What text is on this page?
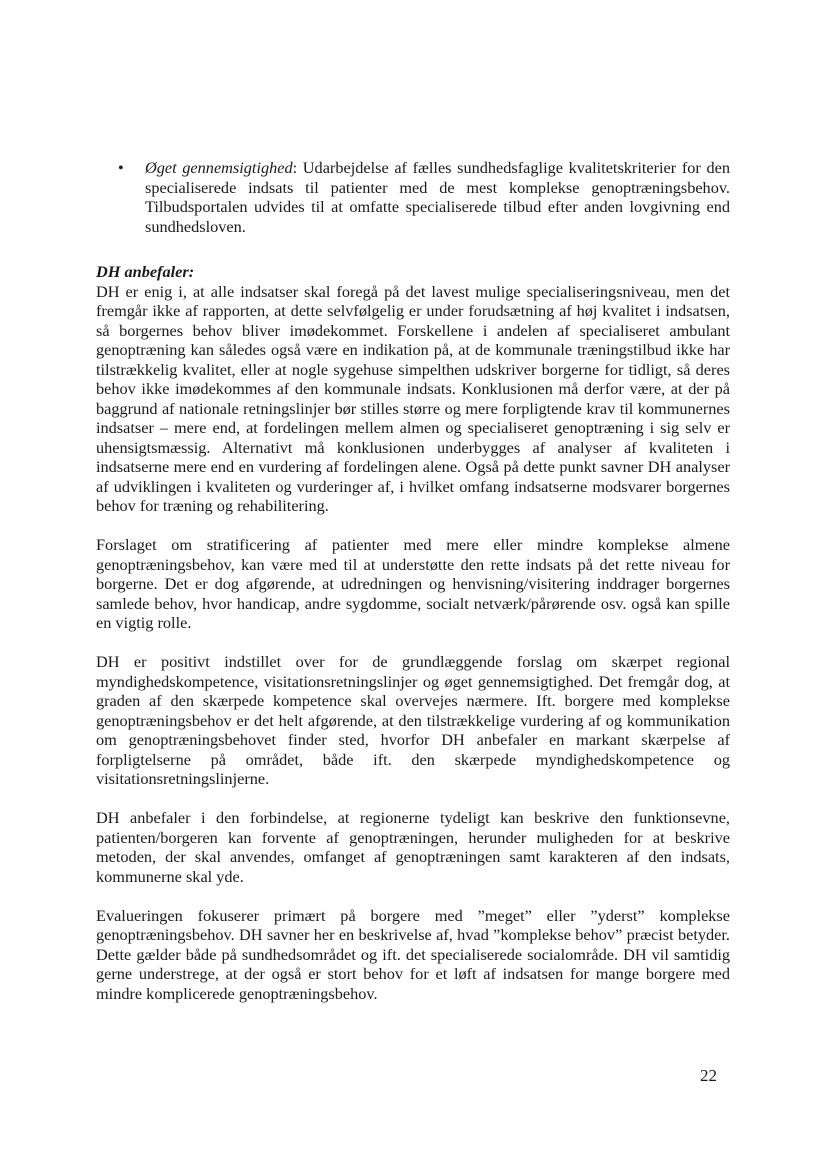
• Øget gennemsigtighed: Udarbejdelse af fælles sundhedsfaglige kvalitetskriterier for den specialiserede indsats til patienter med de mest komplekse genoptræningsbehov. Tilbudsportalen udvides til at omfatte specialiserede tilbud efter anden lovgivning end sundhedsloven.
DH anbefaler:

DH er enig i, at alle indsatser skal foregå på det lavest mulige specialiseringsniveau, men det fremgår ikke af rapporten, at dette selvfølgelig er under forudsætning af høj kvalitet i indsatsen, så borgernes behov bliver imødekommet. Forskellene i andelen af specialiseret ambulant genoptræning kan således også være en indikation på, at de kommunale træningstilbud ikke har tilstrækkelig kvalitet, eller at nogle sygehuse simpelthen udskriver borgerne for tidligt, så deres behov ikke imødekommes af den kommunale indsats. Konklusionen må derfor være, at der på baggrund af nationale retningslinjer bør stilles større og mere forpligtende krav til kommunernes indsatser – mere end, at fordelingen mellem almen og specialiseret genoptræning i sig selv er uhensigtsmæssig. Alternativt må konklusionen underbygges af analyser af kvaliteten i indsatserne mere end en vurdering af fordelingen alene. Også på dette punkt savner DH analyser af udviklingen i kvaliteten og vurderinger af, i hvilket omfang indsatserne modsvarer borgernes behov for træning og rehabilitering.

Forslaget om stratificering af patienter med mere eller mindre komplekse almene genoptræningsbehov, kan være med til at understøtte den rette indsats på det rette niveau for borgerne. Det er dog afgørende, at udredningen og henvisning/visitering inddrager borgernes samlede behov, hvor handicap, andre sygdomme, socialt netværk/pårørende osv. også kan spille en vigtig rolle.

DH er positivt indstillet over for de grundlæggende forslag om skærpet regional myndighedskompetence, visitationsretningslinjer og øget gennemsigtighed. Det fremgår dog, at graden af den skærpede kompetence skal overvejes nærmere. Ift. borgere med komplekse genoptræningsbehov er det helt afgørende, at den tilstrækkelige vurdering af og kommunikation om genoptræningsbehovet finder sted, hvorfor DH anbefaler en markant skærpelse af forpligtelserne på området, både ift. den skærpede myndighedskompetence og visitationsretningslinjerne.

DH anbefaler i den forbindelse, at regionerne tydeligt kan beskrive den funktionsevne, patienten/borgeren kan forvente af genoptræningen, herunder muligheden for at beskrive metoden, der skal anvendes, omfanget af genoptræningen samt karakteren af den indsats, kommunerne skal yde.

Evalueringen fokuserer primært på borgere med ”meget” eller ”yderst” komplekse genoptræningsbehov. DH savner her en beskrivelse af, hvad ”komplekse behov” præcist betyder. Dette gælder både på sundhedsområdet og ift. det specialiserede socialområde. DH vil samtidig gerne understrege, at der også er stort behov for et løft af indsatsen for mange borgere med mindre komplicerede genoptræningsbehov.

22
